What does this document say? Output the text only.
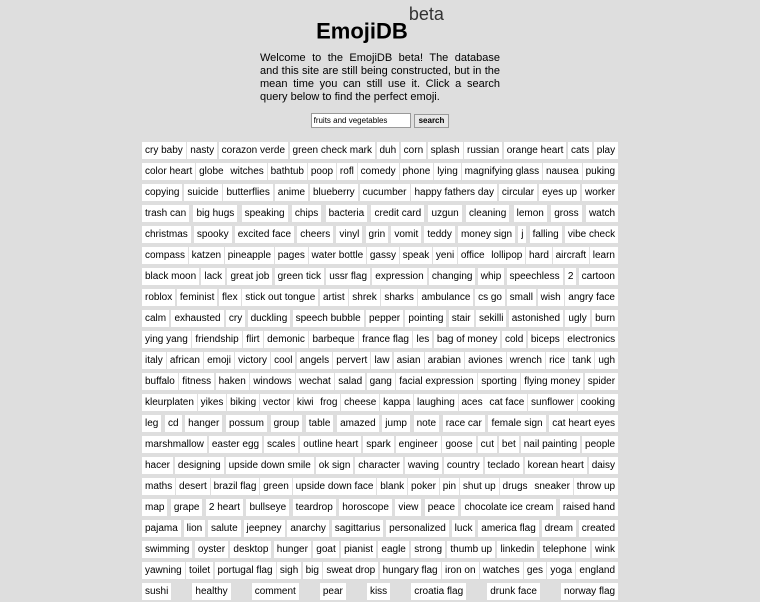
EmojiDB$^{beta}$
Welcome to the EmojiDB beta! The database and this site are still being constructed, but in the mean time you can still use it. Click a search query below to find the perfect emoji.
fruits and vegetables search
cry baby nasty corazon verde green check mark duh corn splash russian orange heart cats play color heart globe witches bathtub poop rofl comedy phone lying magnifying glass nausea puking copying suicide butterflies anime blueberry cucumber happy fathers day circular eyes up worker trash can big hugs speaking chips bacteria credit card uzgun cleaning lemon gross watch christmas spooky excited face cheers vinyl grin vomit teddy money sign j falling vibe check compass katzen pineapple pages water bottle gassy speak yeni office lollipop hard aircraft learn black moon lack great job green tick ussr flag expression changing whip speechless 2 cartoon roblox feminist flex stick out tongue artist shrek sharks ambulance cs go small wish angry face calm exhausted cry duckling speech bubble pepper pointing stair sekilli astonished ugly burn ying yang friendship flirt demonic barbeque france flag les bag of money cold biceps electronics italy african emoji victory cool angels pervert law asian arabian aviones wrench rice tank ugh buffalo fitness haken windows wechat salad gang facial expression sporting flying money spider kleurplaten yikes biking vector kiwi frog cheese kappa laughing aces cat face sunflower cooking leg cd hanger possum group table amazed jump note race car female sign cat heart eyes marshmallow easter egg scales outline heart spark engineer goose cut bet nail painting people hacer designing upside down smile ok sign character waving country teclado korean heart daisy maths desert brazil flag green upside down face blank poker pin shut up drugs sneaker throw up map grape 2 heart bullseye teardrop horoscope view peace chocolate ice cream raised hand pajama lion salute jeepney anarchy sagittarius personalized luck america flag dream created swimming oyster desktop hunger goat pianist eagle strong thumb up linkedin telephone wink yawning toilet portugal flag sigh big sweat drop hungary flag iron on watches ges yoga england sushi	healthy	comment	pear	kiss	croatia flag	drunk face	norway flag
